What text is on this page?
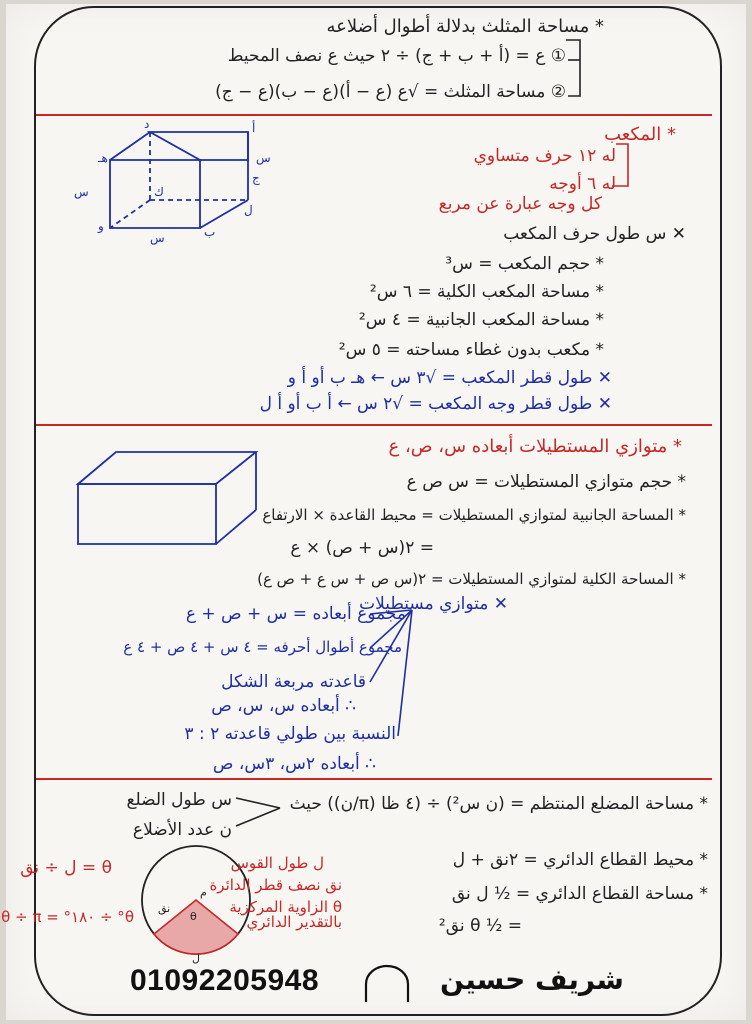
* مساحة المثلث بدلالة أطوال أضلاعه
① ع = (أ + ب + ج) ÷ ٢ حيث ع نصف المحيط
② مساحة المثلث = √ع (ع − أ)(ع − ب)(ع − ج)
أ
ب
ج
د
هـ
و
ك
ل
س
س
س
* المكعب
له ١٢ حرف متساوي
له ٦ أوجه
كل وجه عبارة عن مربع
✕ س طول حرف المكعب
* حجم المكعب = س³
* مساحة المكعب الكلية = ٦ س²
* مساحة المكعب الجانبية = ٤ س²
* مكعب بدون غطاء مساحته = ٥ س²
✕ طول قطر المكعب = √٣ س ← هـ ب أو أ و
✕ طول قطر وجه المكعب = √٢ س ← أ ب أو أ ل
* متوازي المستطيلات أبعاده س، ص، ع
* حجم متوازي المستطيلات = س ص ع
* المساحة الجانبية لمتوازي المستطيلات = محيط القاعدة × الارتفاع
= ٢(س + ص) × ع
* المساحة الكلية لمتوازي المستطيلات = ٢(س ص + س ع + ص ع)
✕ متوازي مستطيلات
مجموع أبعاده = س + ص + ع
مجموع أطوال أحرفه = ٤ س + ٤ ص + ٤ ع
قاعدته مربعة الشكل
∴ أبعاده س، س، ص
النسبة بين طولي قاعدته ٢ : ٣
∴ أبعاده ٢س، ٣س، ص
* مساحة المضلع المنتظم = (ن س²) ÷ (٤ ظا (π/ن)) حيث
س طول الضلع
ن عدد الأضلاع
م
نق
θ
ل
ل طول القوس
نق نصف قطر الدائرة
θ الزاوية المركزية بالتقدير الدائري
θ = ل ÷ نق
θ° ÷ ١٨٠° = θ ÷ π
* محيط القطاع الدائري = ٢نق + ل
* مساحة القطاع الدائري = ½ ل نق
= ½ θ نق²
01092205948	شريف حسين
